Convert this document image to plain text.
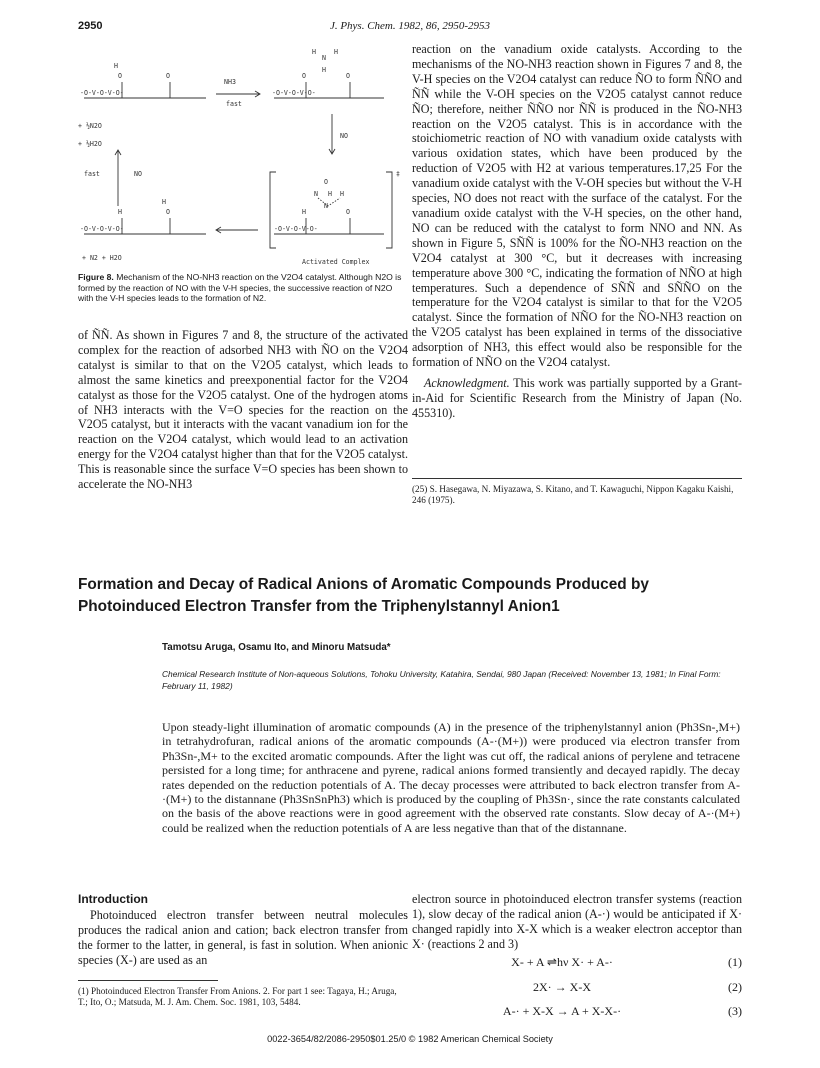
2950	J. Phys. Chem. 1982, 86, 2950-2953
-O-V-O-V-O-
O
H
O
NH3
fast
-O-V-O-V-O-
O	O
N
H	H
H
NO
+ ½N2O
+ ½H2O
fast	NO
-O-V-O-V-O-
H	O
H
+ N2 + H2O
‡
-O-V-O-V-O-
H	O
N H H
N
O
Activated Complex
Figure 8. Mechanism of the NO-NH3 reaction on the V2O4 catalyst. Although N2O is formed by the reaction of NO with the V-H species, the successive reaction of N2O with the V-H species leads to the formation of N2.

of ÑÑ. As shown in Figures 7 and 8, the structure of the activated complex for the reaction of adsorbed NH3 with ÑO on the V2O4 catalyst is similar to that on the V2O5 catalyst, which leads to almost the same kinetics and preexponential factor for the V2O4 catalyst as those for the V2O5 catalyst. One of the hydrogen atoms of NH3 interacts with the V=O species for the reaction on the V2O5 catalyst, but it interacts with the vacant vanadium ion for the reaction on the V2O4 catalyst, which would lead to an activation energy for the V2O4 catalyst higher than that for the V2O5 catalyst. This is reasonable since the surface V=O species has been shown to accelerate the NO-NH3

reaction on the vanadium oxide catalysts. According to the mechanisms of the NO-NH3 reaction shown in Figures 7 and 8, the V-H species on the V2O4 catalyst can reduce ÑO to form ÑÑO and ÑÑ while the V-OH species on the V2O5 catalyst cannot reduce ÑO; therefore, neither ÑÑO nor ÑÑ is produced in the ÑO-NH3 reaction on the V2O5 catalyst. This is in accordance with the stoichiometric reaction of NO with vanadium oxide catalysts with various oxidation states, which have been produced by the reduction of V2O5 with H2 at various temperatures.17,25 For the vanadium oxide catalyst with the V-OH species but without the V-H species, NO does not react with the surface of the catalyst. For the vanadium oxide catalyst with the V-H species, on the other hand, NO can be reduced with the catalyst to form NNO and NN. As shown in Figure 5, SÑÑ is 100% for the ÑO-NH3 reaction on the V2O4 catalyst at 300 °C, but it decreases with increasing temperature above 300 °C, indicating the formation of NÑO at high temperatures. Such a dependence of SÑÑ and SÑÑO on the temperature for the V2O4 catalyst is similar to that for the V2O5 catalyst. Since the formation of NÑO for the ÑO-NH3 reaction on the V2O5 catalyst has been explained in terms of the dissociative adsorption of NH3, this effect would also be responsible for the formation of NÑO on the V2O4 catalyst.

Acknowledgment. This work was partially supported by a Grant-in-Aid for Scientific Research from the Ministry of Japan (No. 455310).

(25) S. Hasegawa, N. Miyazawa, S. Kitano, and T. Kawaguchi, Nippon Kagaku Kaishi, 246 (1975).
Formation and Decay of Radical Anions of Aromatic Compounds Produced by Photoinduced Electron Transfer from the Triphenylstannyl Anion1
Tamotsu Aruga, Osamu Ito, and Minoru Matsuda*
Chemical Research Institute of Non-aqueous Solutions, Tohoku University, Katahira, Sendai, 980 Japan (Received: November 13, 1981; In Final Form: February 11, 1982)
Upon steady-light illumination of aromatic compounds (A) in the presence of the triphenylstannyl anion (Ph3Sn-,M+) in tetrahydrofuran, radical anions of the aromatic compounds (A-·(M+)) were produced via electron transfer from Ph3Sn-,M+ to the excited aromatic compounds. After the light was cut off, the radical anions of perylene and tetracene persisted for a long time; for anthracene and pyrene, radical anions formed transiently and decayed rapidly. The decay rates depended on the reduction potentials of A. The decay processes were attributed to back electron transfer from A-·(M+) to the distannane (Ph3SnSnPh3) which is produced by the coupling of Ph3Sn·, since the rate constants calculated on the basis of the above reactions were in good agreement with the observed rate constants. Slow decay of A-·(M+) could be realized when the reduction potentials of A are less negative than that of the distannane.
Introduction
Photoinduced electron transfer between neutral molecules produces the radical anion and cation; back electron transfer from the former to the latter, in general, is fast in solution. When anionic species (X-) are used as an
(1) Photoinduced Electron Transfer From Anions. 2. For part 1 see: Tagaya, H.; Aruga, T.; Ito, O.; Matsuda, M. J. Am. Chem. Soc. 1981, 103, 5484.
electron source in photoinduced electron transfer systems (reaction 1), slow decay of the radical anion (A-·) would be anticipated if X· changed rapidly into X-X which is a weaker electron acceptor than X· (reactions 2 and 3)
X- + A ⇌hν X· + A-·	(1)
2X· → X-X	(2)
A-· + X-X → A + X-X-·	(3)
0022-3654/82/2086-2950$01.25/0 © 1982 American Chemical Society
